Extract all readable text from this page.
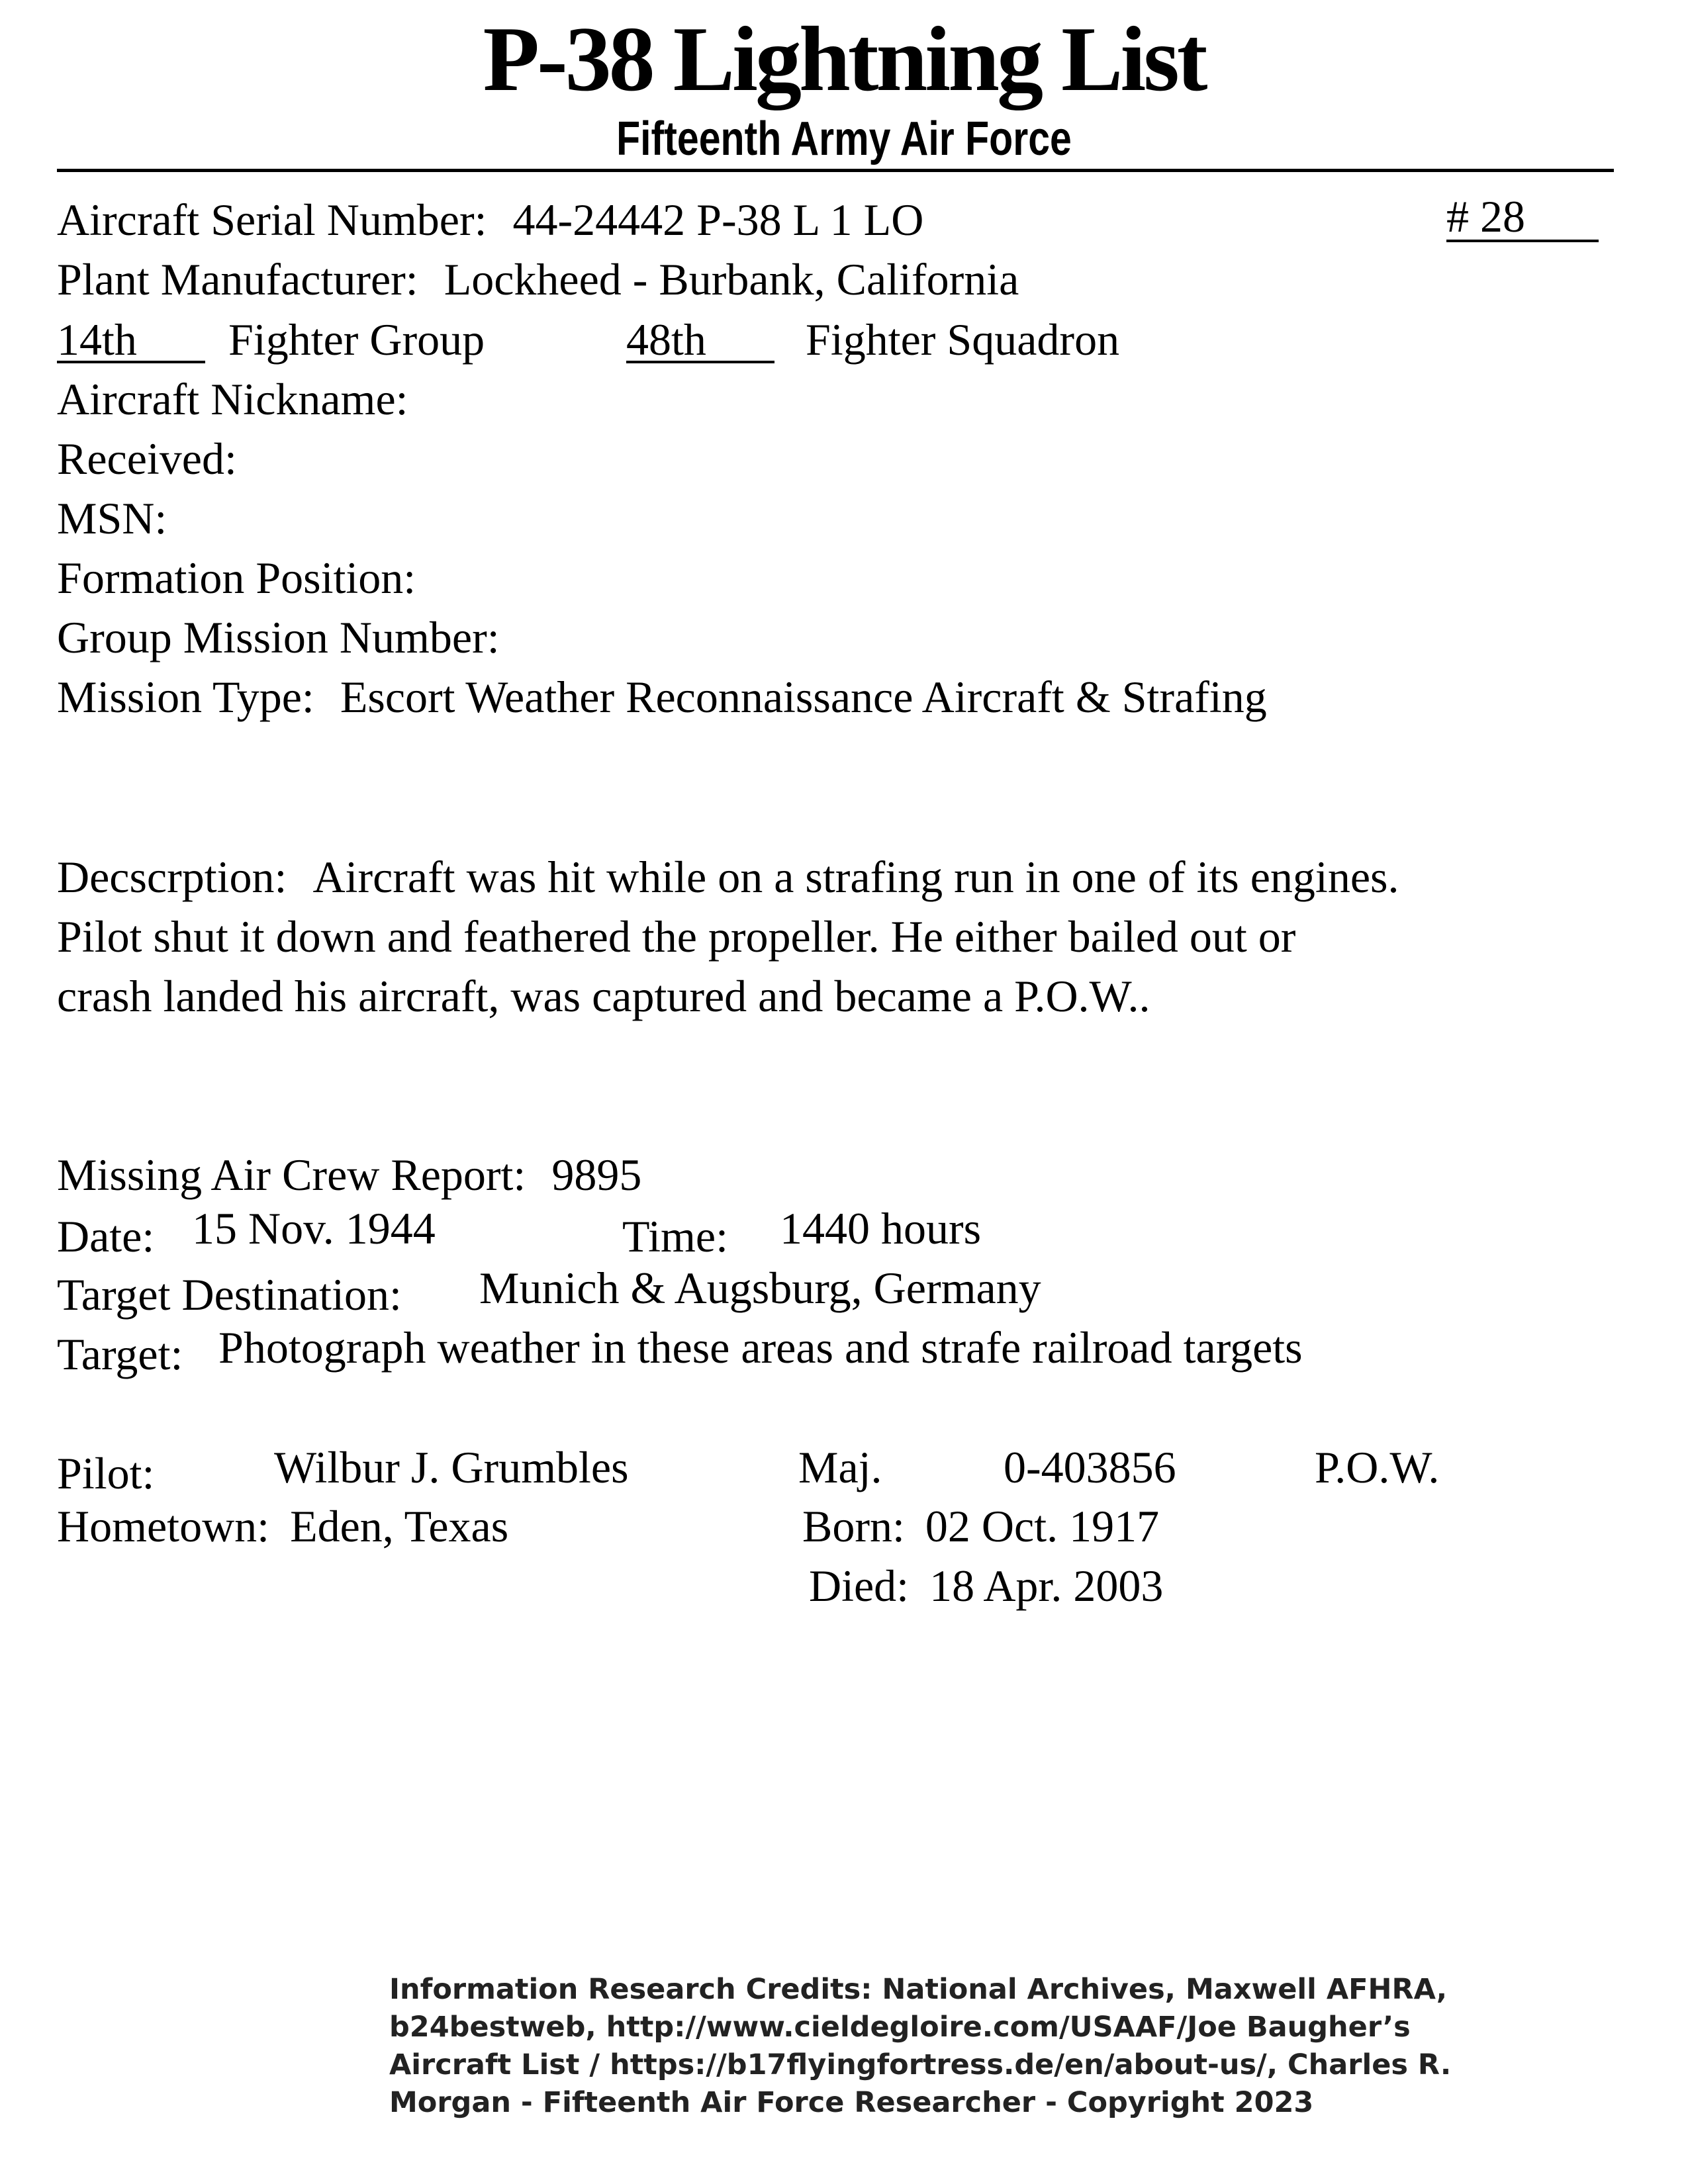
P-38 Lightning List
Fifteenth Army Air Force
Aircraft Serial Number: 44-24442 P-38 L 1 LO	# 28
Plant Manufacturer: Lockheed - Burbank, California
14th Fighter Group	48th Fighter Squadron
Aircraft Nickname:
Received:
MSN:
Formation Position:
Group Mission Number:
Mission Type: Escort Weather Reconnaissance Aircraft & Strafing
Decscrption: Aircraft was hit while on a strafing run in one of its engines.
Pilot shut it down and feathered the propeller. He either bailed out or
crash landed his aircraft, was captured and became a P.O.W..
Missing Air Crew Report: 9895
Date: 15 Nov. 1944	Time: 1440 hours
Target Destination: Munich & Augsburg, Germany
Target: Photograph weather in these areas and strafe railroad targets
Pilot:	Wilbur J. Grumbles	Maj.	0-403856	P.O.W.
Hometown: Eden, Texas	Born: 02 Oct. 1917
Died: 18 Apr. 2003
Information Research Credits: National Archives, Maxwell AFHRA,
b24bestweb, http://www.cieldegloire.com/USAAF/Joe Baugher’s
Aircraft List / https://b17flyingfortress.de/en/about-us/, Charles R.
Morgan - Fifteenth Air Force Researcher - Copyright 2023
